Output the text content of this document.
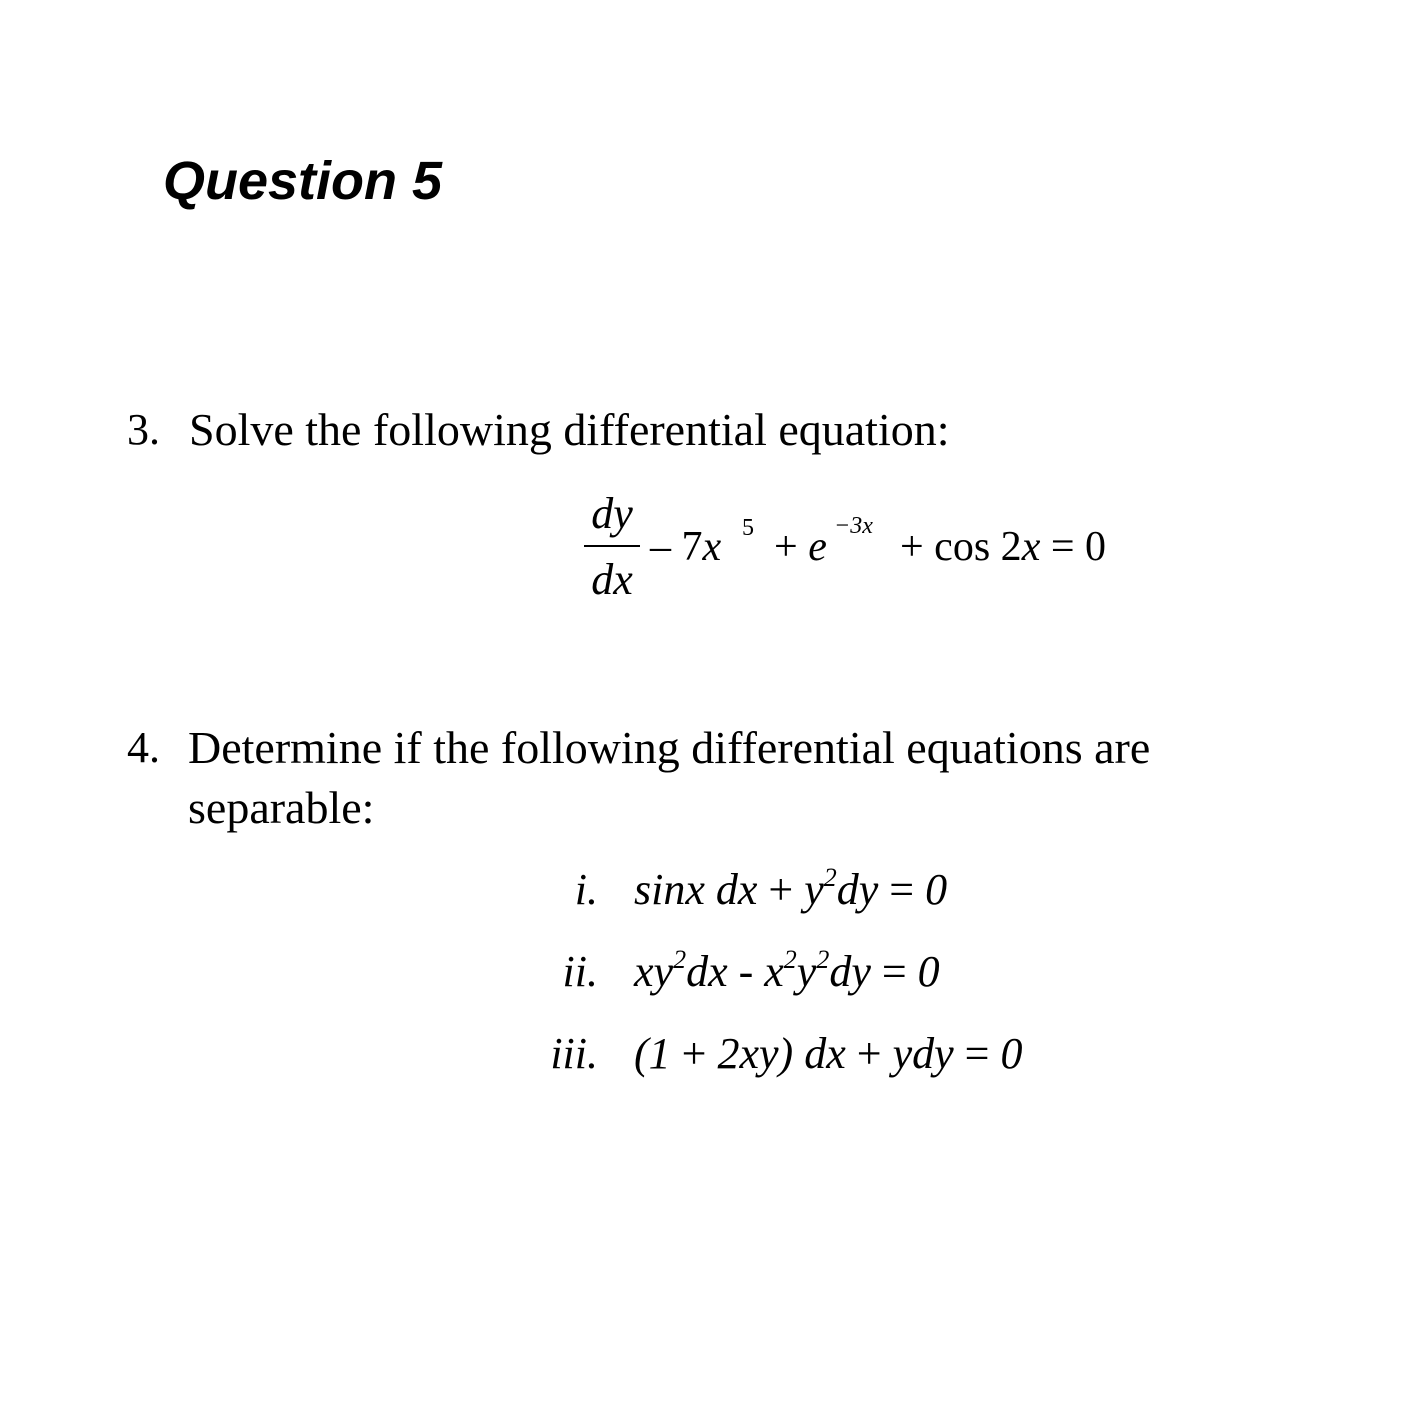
Question 5
3. Solve the following differential equation:
dy
dx
– 7x 5 + e −3x + cos 2x = 0
4. Determine if the following differential equations are
separable:
i. sinx dx + $y^2dy = 0$
ii. $xy^2dx - x^2y^2dy = 0$
iii. (1 + 2xy) dx + ydy = 0
